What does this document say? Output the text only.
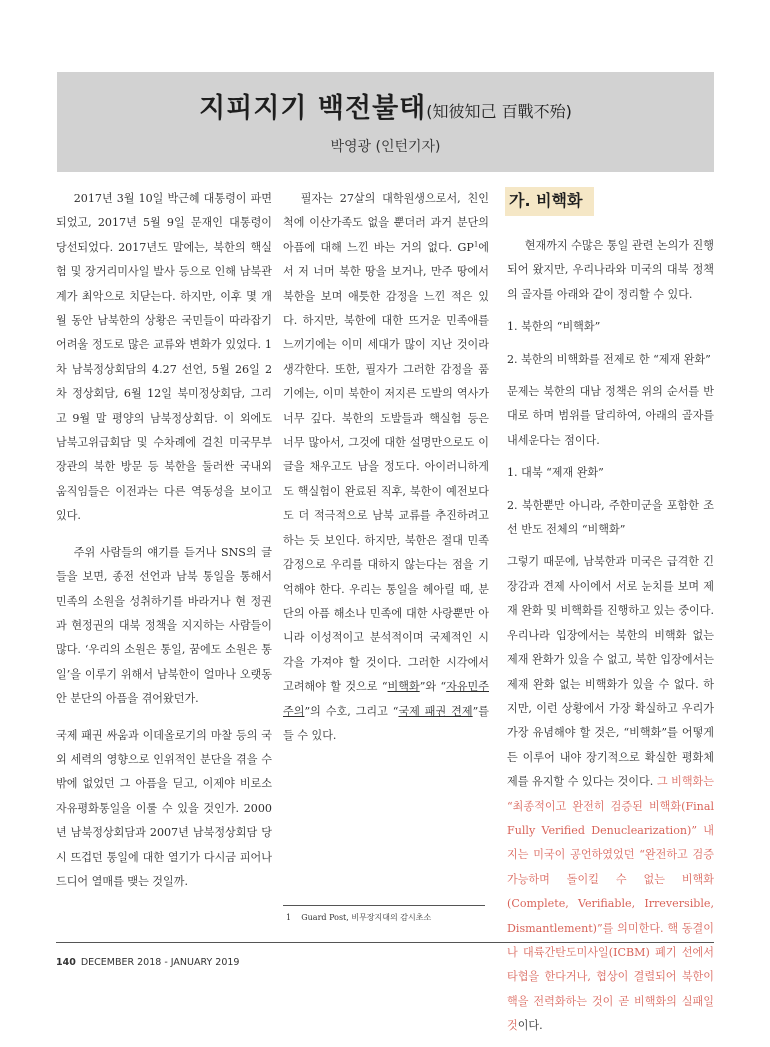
지피지기 백전불태(知彼知己 百戰不殆)
박영광 (인턴기자)

2017년 3월 10일 박근혜 대통령이 파면되었고, 2017년 5월 9일 문재인 대통령이 당선되었다. 2017년도 말에는, 북한의 핵실험 및 장거리미사일 발사 등으로 인해 남북관계가 최악으로 치닫는다. 하지만, 이후 몇 개월 동안 남북한의 상황은 국민들이 따라잡기 어려울 정도로 많은 교류와 변화가 있었다. 1차 남북정상회담의 4.27 선언, 5월 26일 2차 정상회담, 6월 12일 북미정상회담, 그리고 9월 말 평양의 남북정상회담. 이 외에도 남북고위급회담 및 수차례에 걸친 미국무부장관의 북한 방문 등 북한을 둘러싼 국내외 움직임들은 이전과는 다른 역동성을 보이고 있다.

주위 사람들의 얘기를 듣거나 SNS의 글들을 보면, 종전 선언과 남북 통일을 통해서 민족의 소원을 성취하기를 바라거나 현 정권과 현정권의 대북 정책을 지지하는 사람들이 많다. ‘우리의 소원은 통일, 꿈에도 소원은 통일’을 이루기 위해서 남북한이 얼마나 오랫동안 분단의 아픔을 겪어왔던가.

국제 패권 싸움과 이데올로기의 마찰 등의 국외 세력의 영향으로 인위적인 분단을 겪을 수밖에 없었던 그 아픔을 딛고, 이제야 비로소 자유평화통일을 이룰 수 있을 것인가. 2000년 남북정상회담과 2007년 남북정상회담 당시 뜨겁던 통일에 대한 열기가 다시금 피어나 드디어 열매를 맺는 것일까.

필자는 27살의 대학원생으로서, 친인척에 이산가족도 없을 뿐더러 과거 분단의 아픔에 대해 느낀 바는 거의 없다. $GP^1$에서 저 너머 북한 땅을 보거나, 만주 땅에서 북한을 보며 애틋한 감정을 느낀 적은 있다. 하지만, 북한에 대한 뜨거운 민족애를 느끼기에는 이미 세대가 많이 지난 것이라 생각한다. 또한, 필자가 그러한 감정을 품기에는, 이미 북한이 저지른 도발의 역사가 너무 깊다. 북한의 도발들과 핵실험 등은 너무 많아서, 그것에 대한 설명만으로도 이 글을 채우고도 남을 정도다. 아이러니하게도 핵실험이 완료된 직후, 북한이 예전보다도 더 적극적으로 남북 교류를 추진하려고 하는 듯 보인다. 하지만, 북한은 절대 민족 감정으로 우리를 대하지 않는다는 점을 기억해야 한다. 우리는 통일을 헤아릴 때, 분단의 아픔 해소나 민족에 대한 사랑뿐만 아니라 이성적이고 분석적이며 국제적인 시각을 가져야 할 것이다. 그러한 시각에서 고려해야 할 것으로 “비핵화”와 “자유민주주의”의 수호, 그리고 “국제 패권 견제”를 들 수 있다.

가. 비핵화

현재까지 수많은 통일 관련 논의가 진행되어 왔지만, 우리나라와 미국의 대북 정책의 골자를 아래와 같이 정리할 수 있다.

1. 북한의 “비핵화”

2. 북한의 비핵화를 전제로 한 “제재 완화”

문제는 북한의 대남 정책은 위의 순서를 반대로 하며 범위를 달리하여, 아래의 골자를 내세운다는 점이다.

1. 대북 “제재 완화”

2. 북한뿐만 아니라, 주한미군을 포함한 조선 반도 전체의 “비핵화”

그렇기 때문에, 남북한과 미국은 급격한 긴장감과 견제 사이에서 서로 눈치를 보며 제재 완화 및 비핵화를 진행하고 있는 중이다. 우리나라 입장에서는 북한의 비핵화 없는 제재 완화가 있을 수 없고, 북한 입장에서는 제재 완화 없는 비핵화가 있을 수 없다. 하지만, 이런 상황에서 가장 확실하고 우리가 가장 유념해야 할 것은, “비핵화”를 어떻게든 이루어 내야 장기적으로 확실한 평화체제를 유지할 수 있다는 것이다. 그 비핵화는 “최종적이고 완전히 검증된 비핵화(Final Fully Verified Denuclearization)” 내지는 미국이 공언하였었던 “완전하고 검증 가능하며 돌이킬 수 없는 비핵화(Complete, Verifiable, Irreversible, Dismantlement)”를 의미한다. 핵 동결이나 대륙간탄도미사일(ICBM) 폐기 선에서 타협을 한다거나, 협상이 결렬되어 북한이 핵을 전력화하는 것이 곧 비핵화의 실패일 것이다.

1 Guard Post, 비무장지대의 감시초소
140 DECEMBER 2018 - JANUARY 2019
